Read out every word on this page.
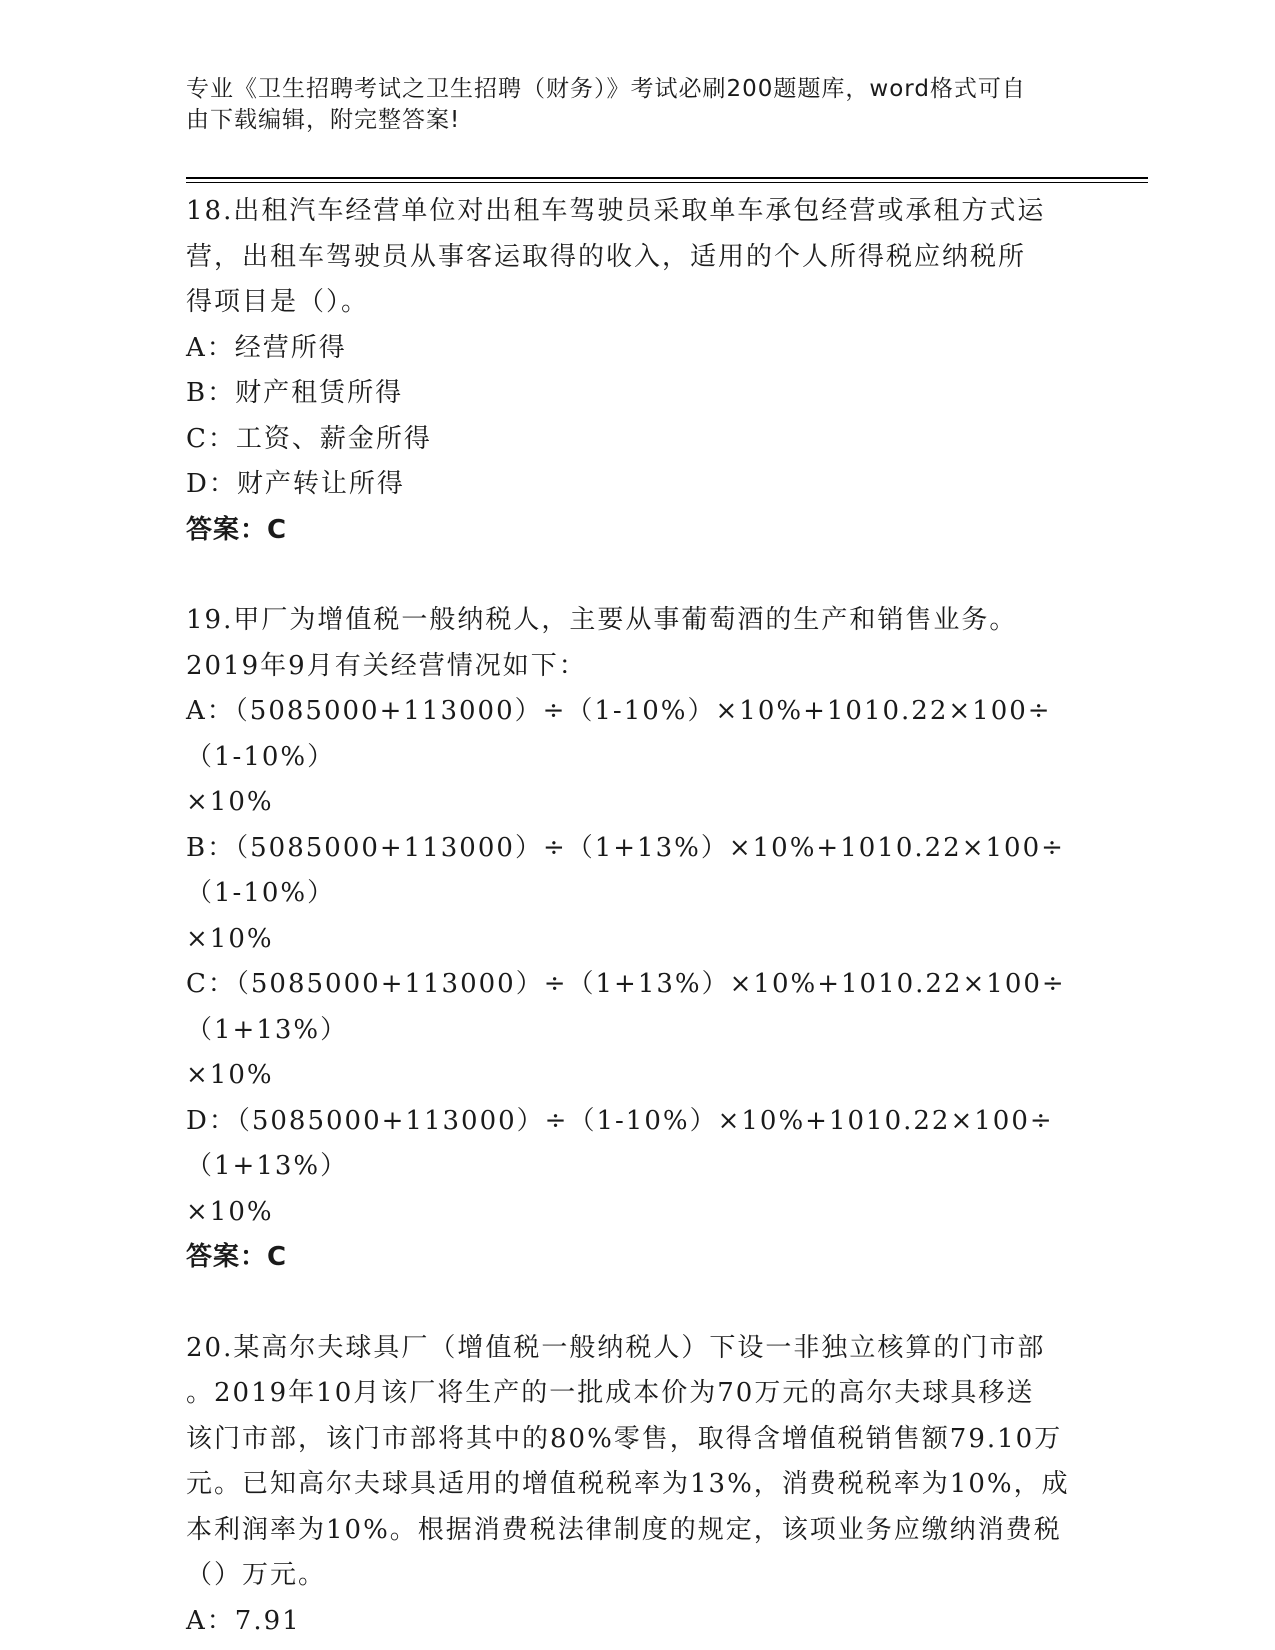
专业《卫生招聘考试之卫生招聘（财务）》考试必刷200题题库，word格式可自
由下载编辑，附完整答案!
18.出租汽车经营单位对出租车驾驶员采取单车承包经营或承租方式运
营，出租车驾驶员从事客运取得的收入，适用的个人所得税应纳税所
得项目是（）。
A：经营所得
B：财产租赁所得
C：工资、薪金所得
D：财产转让所得
答案：C
19.甲厂为增值税一般纳税人，主要从事葡萄酒的生产和销售业务。
2019年9月有关经营情况如下：
A：（5085000+113000）÷（1-10%）×10%+1010.22×100÷（1-10%）
×10%
B：（5085000+113000）÷（1+13%）×10%+1010.22×100÷（1-10%）
×10%
C：（5085000+113000）÷（1+13%）×10%+1010.22×100÷（1+13%）
×10%
D：（5085000+113000）÷（1-10%）×10%+1010.22×100÷（1+13%）
×10%
答案：C
20.某高尔夫球具厂（增值税一般纳税人）下设一非独立核算的门市部
。2019年10月该厂将生产的一批成本价为70万元的高尔夫球具移送
该门市部，该门市部将其中的80%零售，取得含增值税销售额79.10万
元。已知高尔夫球具适用的增值税税率为13%，消费税税率为10%，成
本利润率为10%。根据消费税法律制度的规定，该项业务应缴纳消费税
（）万元。
A：7.91
